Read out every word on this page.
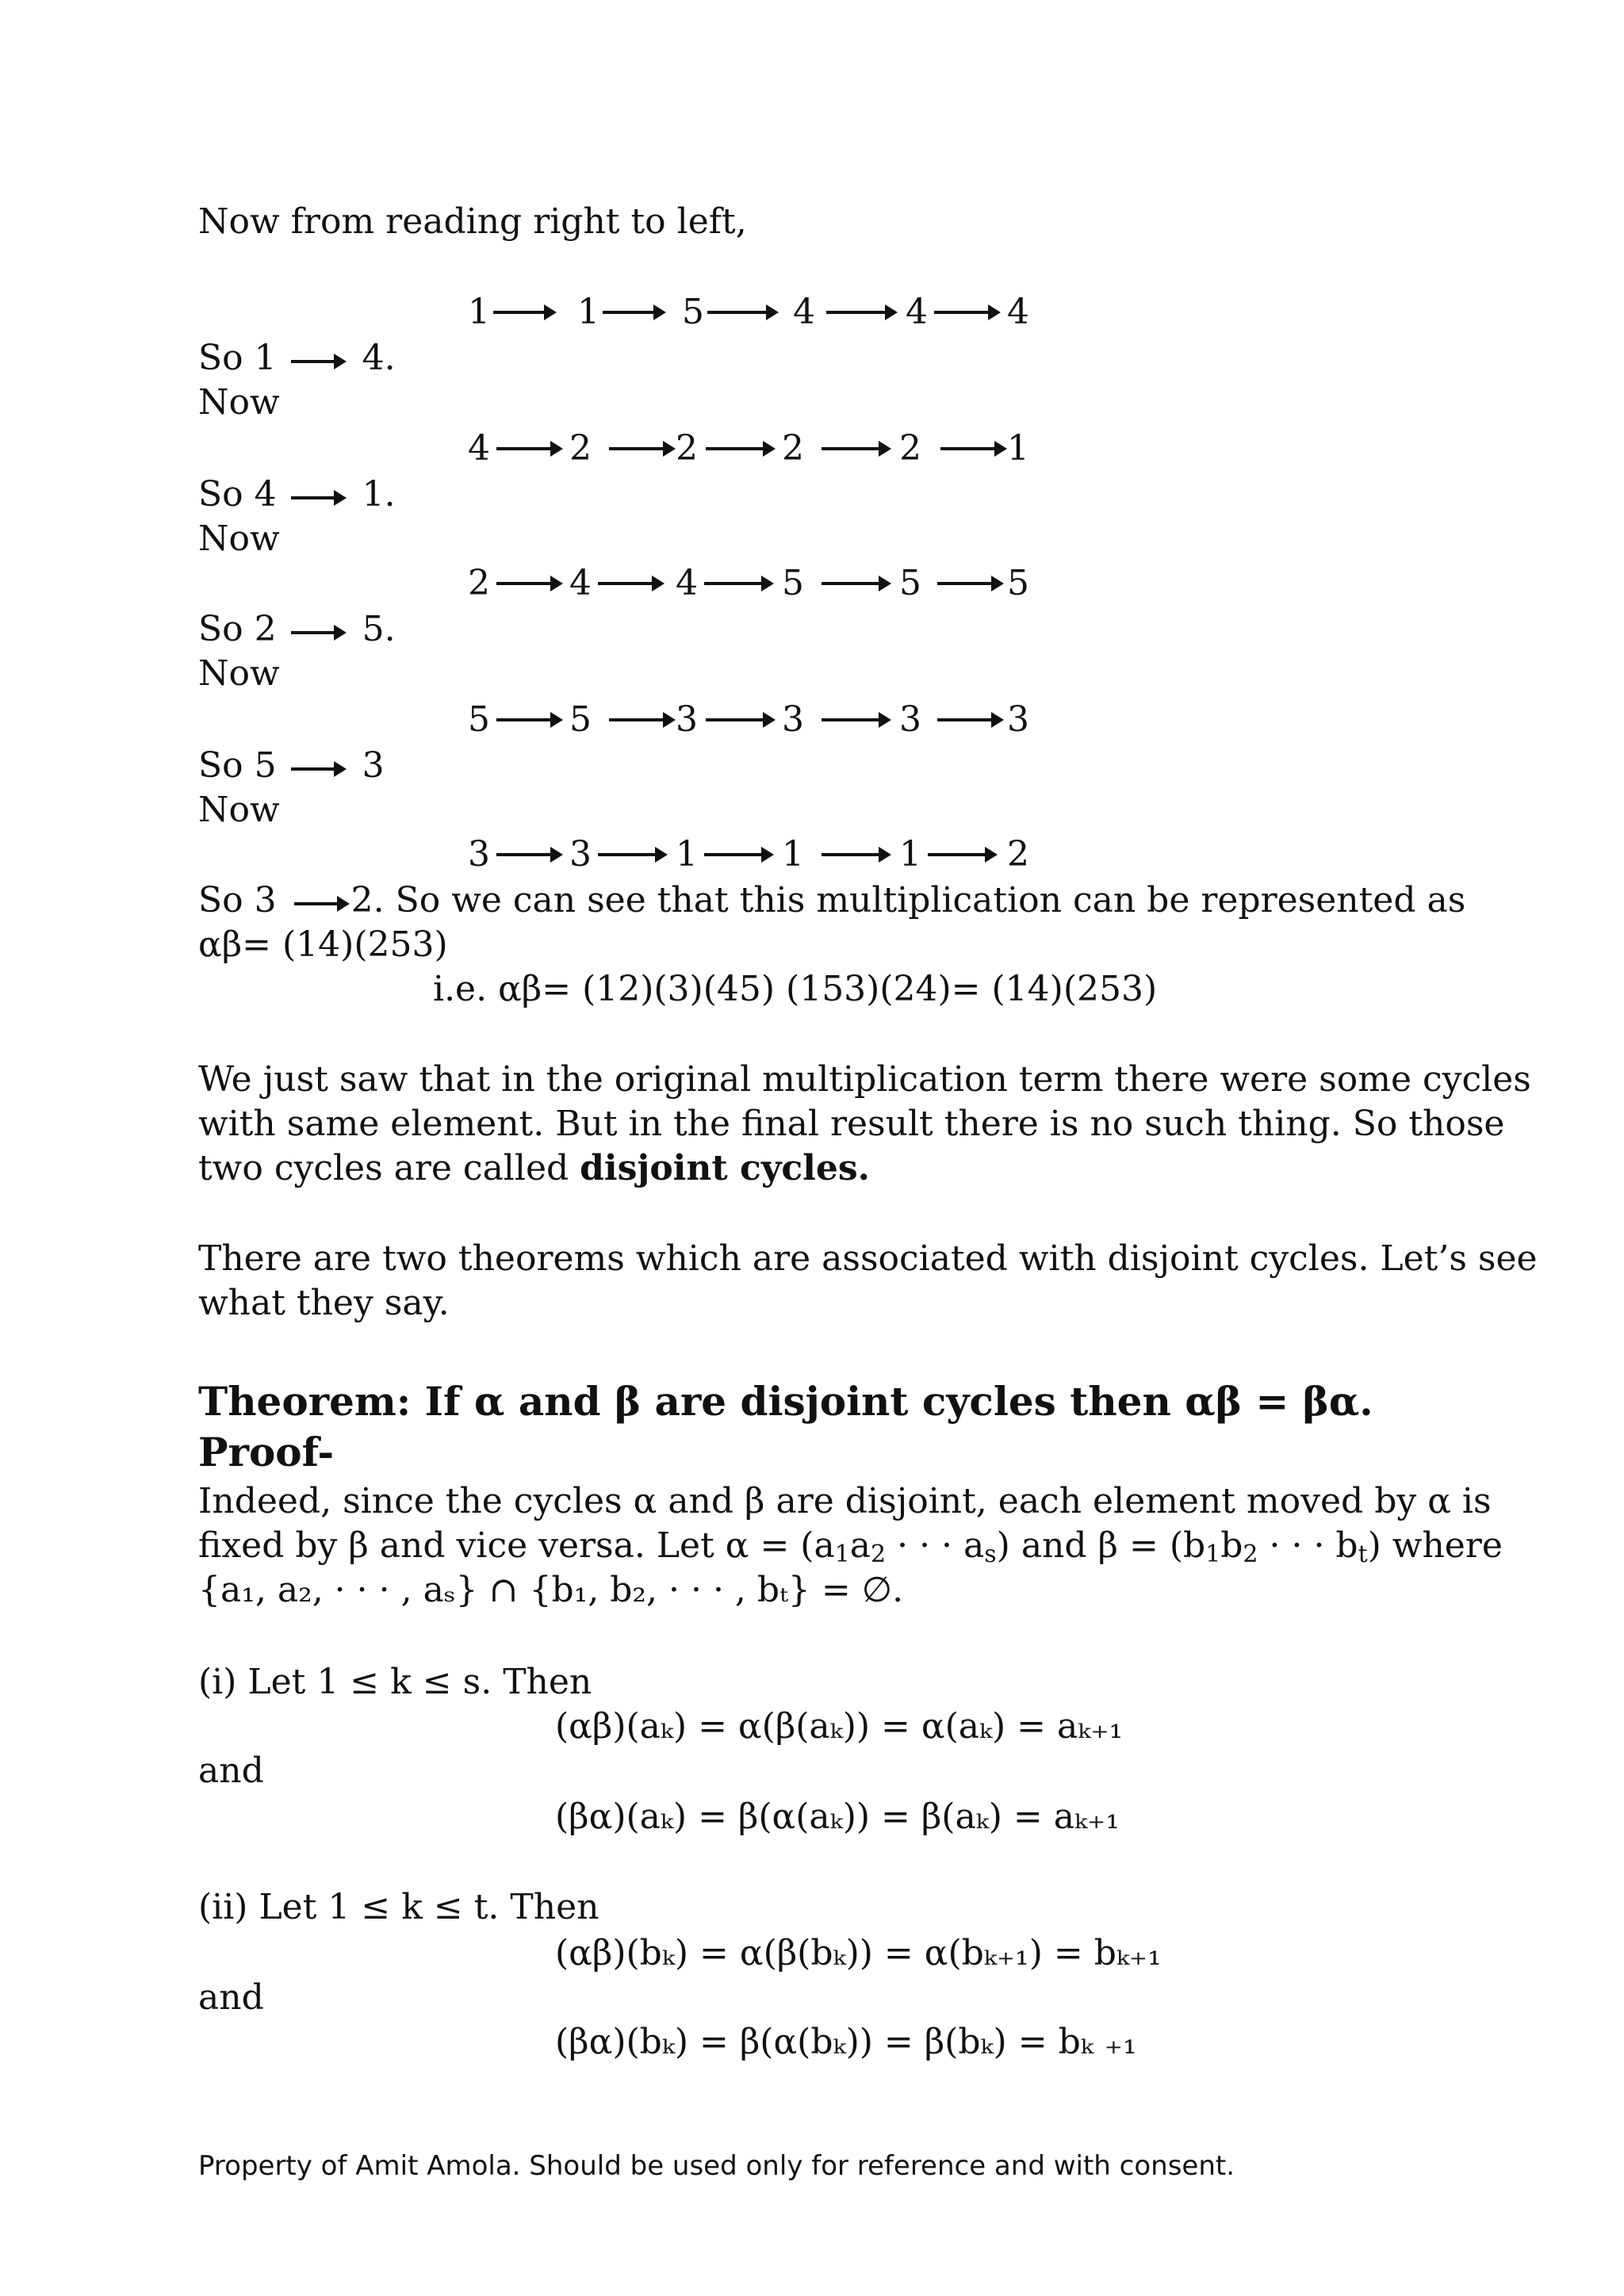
Now from reading right to left,
1	1 5	4	4 4
So 1 4.
Now
4 2 2 2	2 1
So 4 1.
Now
2 4 4 5	5 5
So 2 5.
Now
5 5 3 3	3 3
So 5 3
Now
3 3 1 1	1 2
So 3 2. So we can see that this multiplication can be represented as
αβ= (14)(253)
i.e. αβ= (12)(3)(45) (153)(24)= (14)(253)
We just saw that in the original multiplication term there were some cycles
with same element. But in the final result there is no such thing. So those
two cycles are called disjoint cycles.
There are two theorems which are associated with disjoint cycles. Let’s see
what they say.
Theorem: If α and β are disjoint cycles then αβ = βα.
Proof-
Indeed, since the cycles α and β are disjoint, each element moved by α is
fixed by β and vice versa. Let α = (a1a2 · · · as) and β = (b1b2 · · · bt) where
{a₁, a₂, · · · , aₛ} ∩ {b₁, b₂, · · · , bₜ} = ∅.
(i) Let 1 ≤ k ≤ s. Then
(αβ)(aₖ) = α(β(aₖ)) = α(aₖ) = aₖ₊₁
and
(βα)(aₖ) = β(α(aₖ)) = β(aₖ) = aₖ₊₁
(ii) Let 1 ≤ k ≤ t. Then
(αβ)(bₖ) = α(β(bₖ)) = α(bₖ₊₁) = bₖ₊₁
and
(βα)(bₖ) = β(α(bₖ)) = β(bₖ) = bₖ ₊₁
Property of Amit Amola. Should be used only for reference and with consent.
